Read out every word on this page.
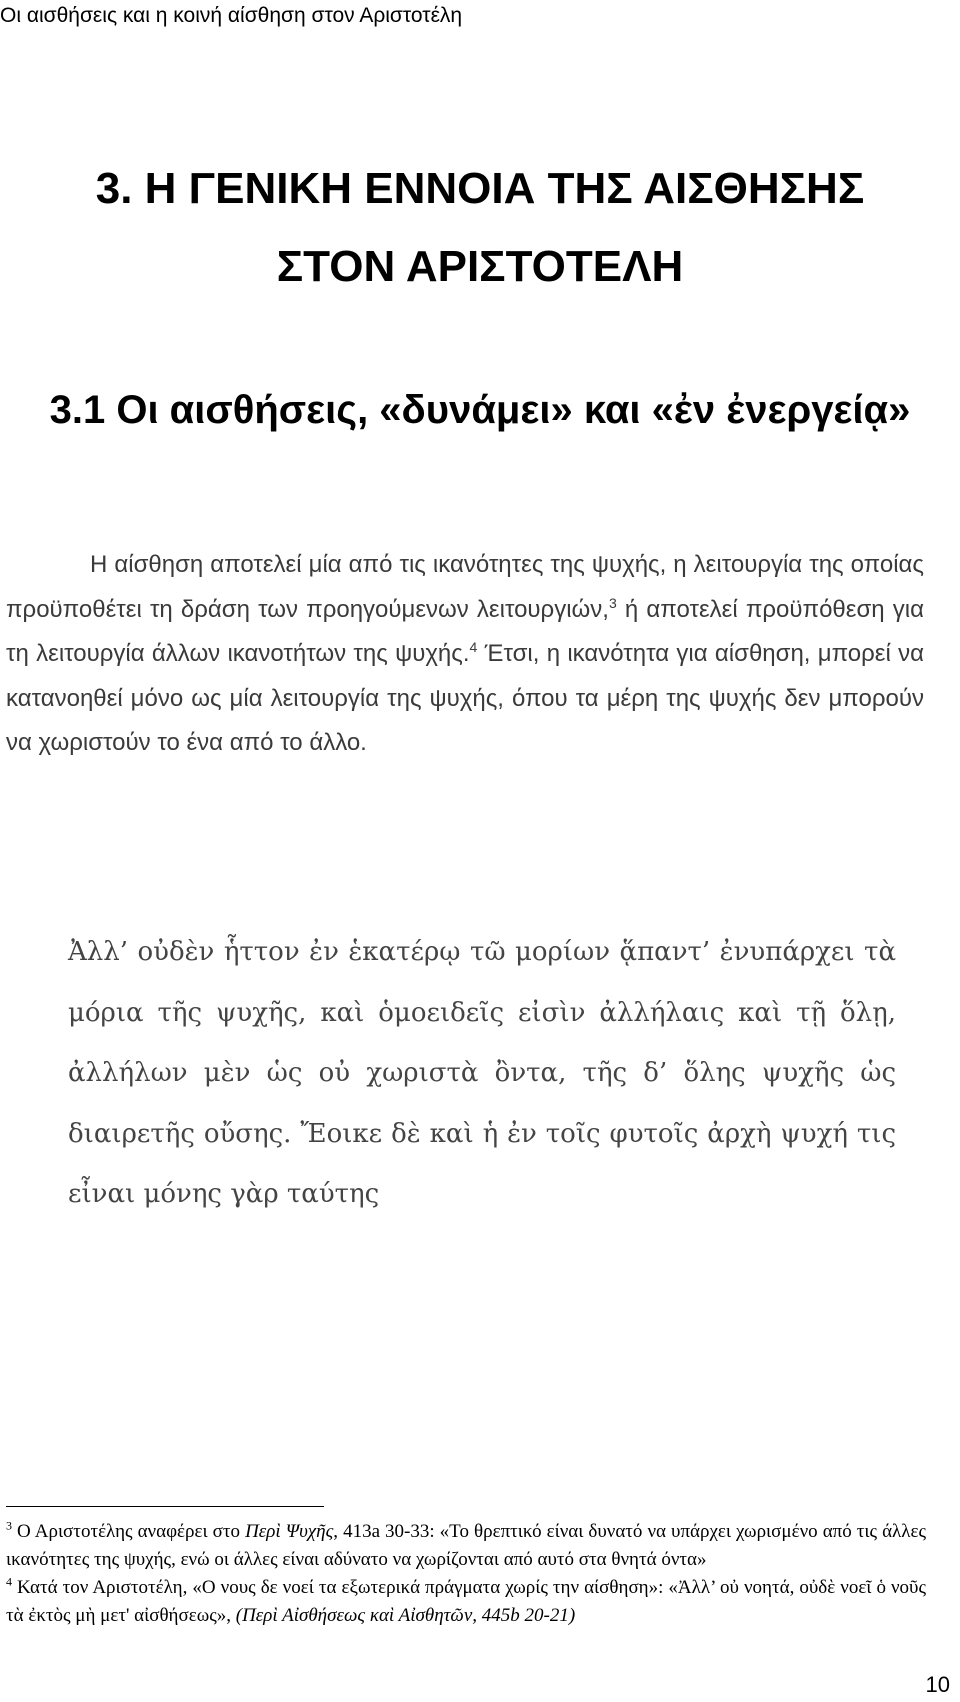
Οι αισθήσεις και η κοινή αίσθηση στον Αριστοτέλη
3. Η ΓΕΝΙΚΗ ΕΝΝΟΙΑ ΤΗΣ ΑΙΣΘΗΣΗΣ
ΣΤΟΝ ΑΡΙΣΤΟΤΕΛΗ
3.1 Οι αισθήσεις, «δυνάμει» και «ἐν ἐνεργείᾳ»

Η αίσθηση αποτελεί μία από τις ικανότητες της ψυχής, η λειτουργία της οποίας προϋποθέτει τη δράση των προηγούμενων λειτουργιών,$^3$ ή αποτελεί προϋπόθεση για τη λειτουργία άλλων ικανοτήτων της ψυχής.$^4$ Έτσι, η ικανότητα για αίσθηση, μπορεί να κατανοηθεί μόνο ως μία λειτουργία της ψυχής, όπου τα μέρη της ψυχής δεν μπορούν να χωριστούν το ένα από το άλλο.

Ἀλλ’ οὐδὲν ἧττον ἐν ἑκατέρῳ τῶ μορίων ᾅπαντ’ ἐνυπάρχει τὰ μόρια τῆς ψυχῆς, καὶ ὁμοειδεῖς εἰσὶν ἀλλήλαις καὶ τῇ ὅλῃ, ἀλλήλων μὲν ὡς οὐ χωριστὰ ὂντα, τῆς δ’ ὅλης ψυχῆς ὡς διαιρετῆς οὔσης. Ἔοικε δὲ καὶ ἡ ἐν τοῖς φυτοῖς ἀρχὴ ψυχή τις εἶναι μόνης γὰρ ταύτης

$^3$ Ο Αριστοτέλης αναφέρει στο Περὶ Ψυχῆς, 413a 30-33: «Το θρεπτικό είναι δυνατό να υπάρχει χωρισμένο από τις άλλες ικανότητες της ψυχής, ενώ οι άλλες είναι αδύνατο να χωρίζονται από αυτό στα θνητά όντα»

$^4$ Κατά τον Αριστοτέλη, «Ο νους δε νοεί τα εξωτερικά πράγματα χωρίς την αίσθηση»: «Ἀλλ’ οὐ νοητά, οὐδὲ νοεῖ ὁ νοῦς τὰ ἐκτὸς μὴ μετ' αἰσθήσεως», (Περὶ Αἰσθήσεως καὶ Αἰσθητῶν, 445b 20-21)

10
